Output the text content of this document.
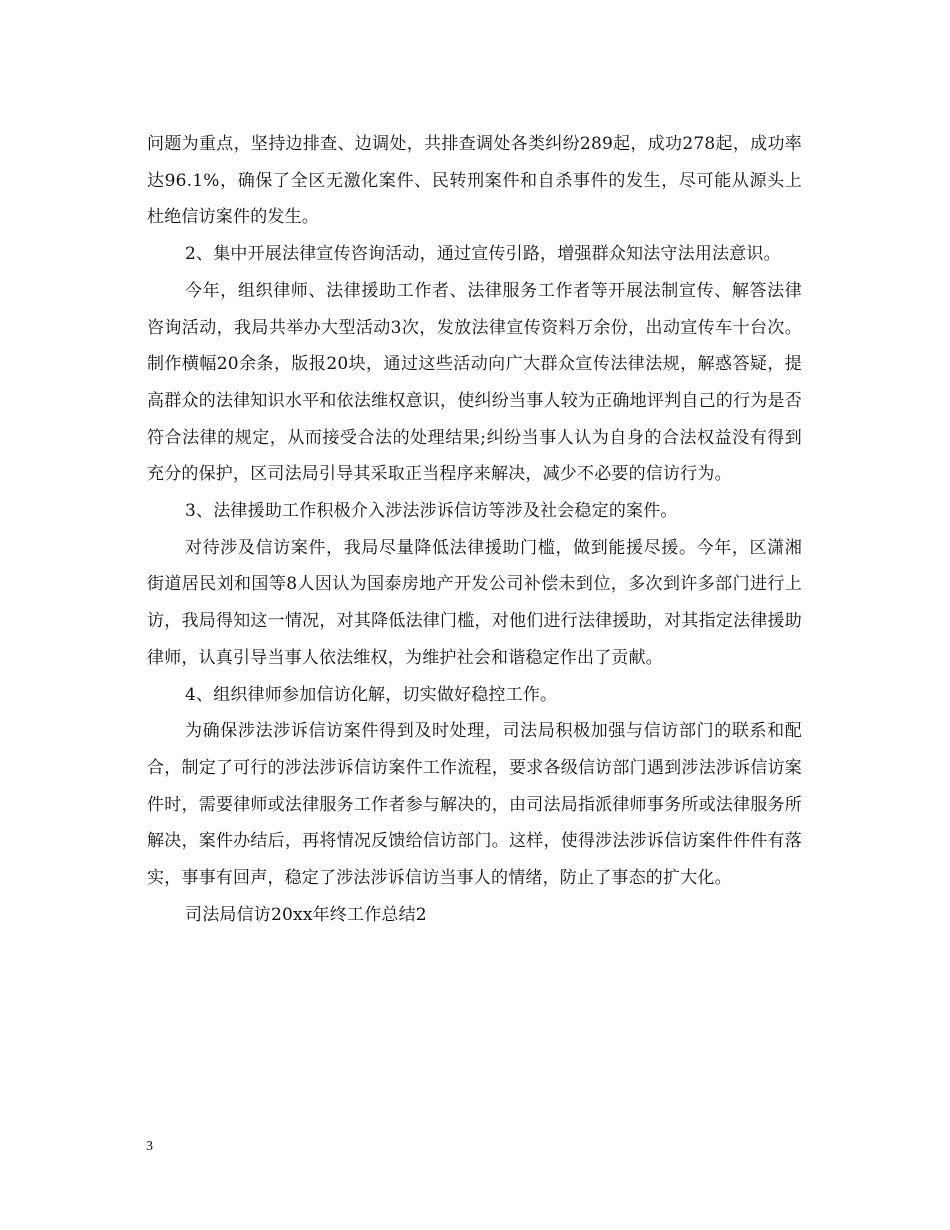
问题为重点，坚持边排查、边调处，共排查调处各类纠纷289起，成功278起，成功率达96.1%，确保了全区无激化案件、民转刑案件和自杀事件的发生，尽可能从源头上杜绝信访案件的发生。

2、集中开展法律宣传咨询活动，通过宣传引路，增强群众知法守法用法意识。

今年，组织律师、法律援助工作者、法律服务工作者等开展法制宣传、解答法律咨询活动，我局共举办大型活动3次，发放法律宣传资料万余份，出动宣传车十台次。制作横幅20余条，版报20块，通过这些活动向广大群众宣传法律法规，解惑答疑，提高群众的法律知识水平和依法维权意识，使纠纷当事人较为正确地评判自己的行为是否符合法律的规定，从而接受合法的处理结果;纠纷当事人认为自身的合法权益没有得到充分的保护，区司法局引导其采取正当程序来解决，减少不必要的信访行为。

3、法律援助工作积极介入涉法涉诉信访等涉及社会稳定的案件。

对待涉及信访案件，我局尽量降低法律援助门槛，做到能援尽援。今年，区潇湘街道居民刘和国等8人因认为国泰房地产开发公司补偿未到位，多次到许多部门进行上访，我局得知这一情况，对其降低法律门槛，对他们进行法律援助，对其指定法律援助律师，认真引导当事人依法维权，为维护社会和谐稳定作出了贡献。

4、组织律师参加信访化解，切实做好稳控工作。

为确保涉法涉诉信访案件得到及时处理，司法局积极加强与信访部门的联系和配合，制定了可行的涉法涉诉信访案件工作流程，要求各级信访部门遇到涉法涉诉信访案件时，需要律师或法律服务工作者参与解决的，由司法局指派律师事务所或法律服务所解决，案件办结后，再将情况反馈给信访部门。这样，使得涉法涉诉信访案件件件有落实，事事有回声，稳定了涉法涉诉信访当事人的情绪，防止了事态的扩大化。

司法局信访20xx年终工作总结2

3
